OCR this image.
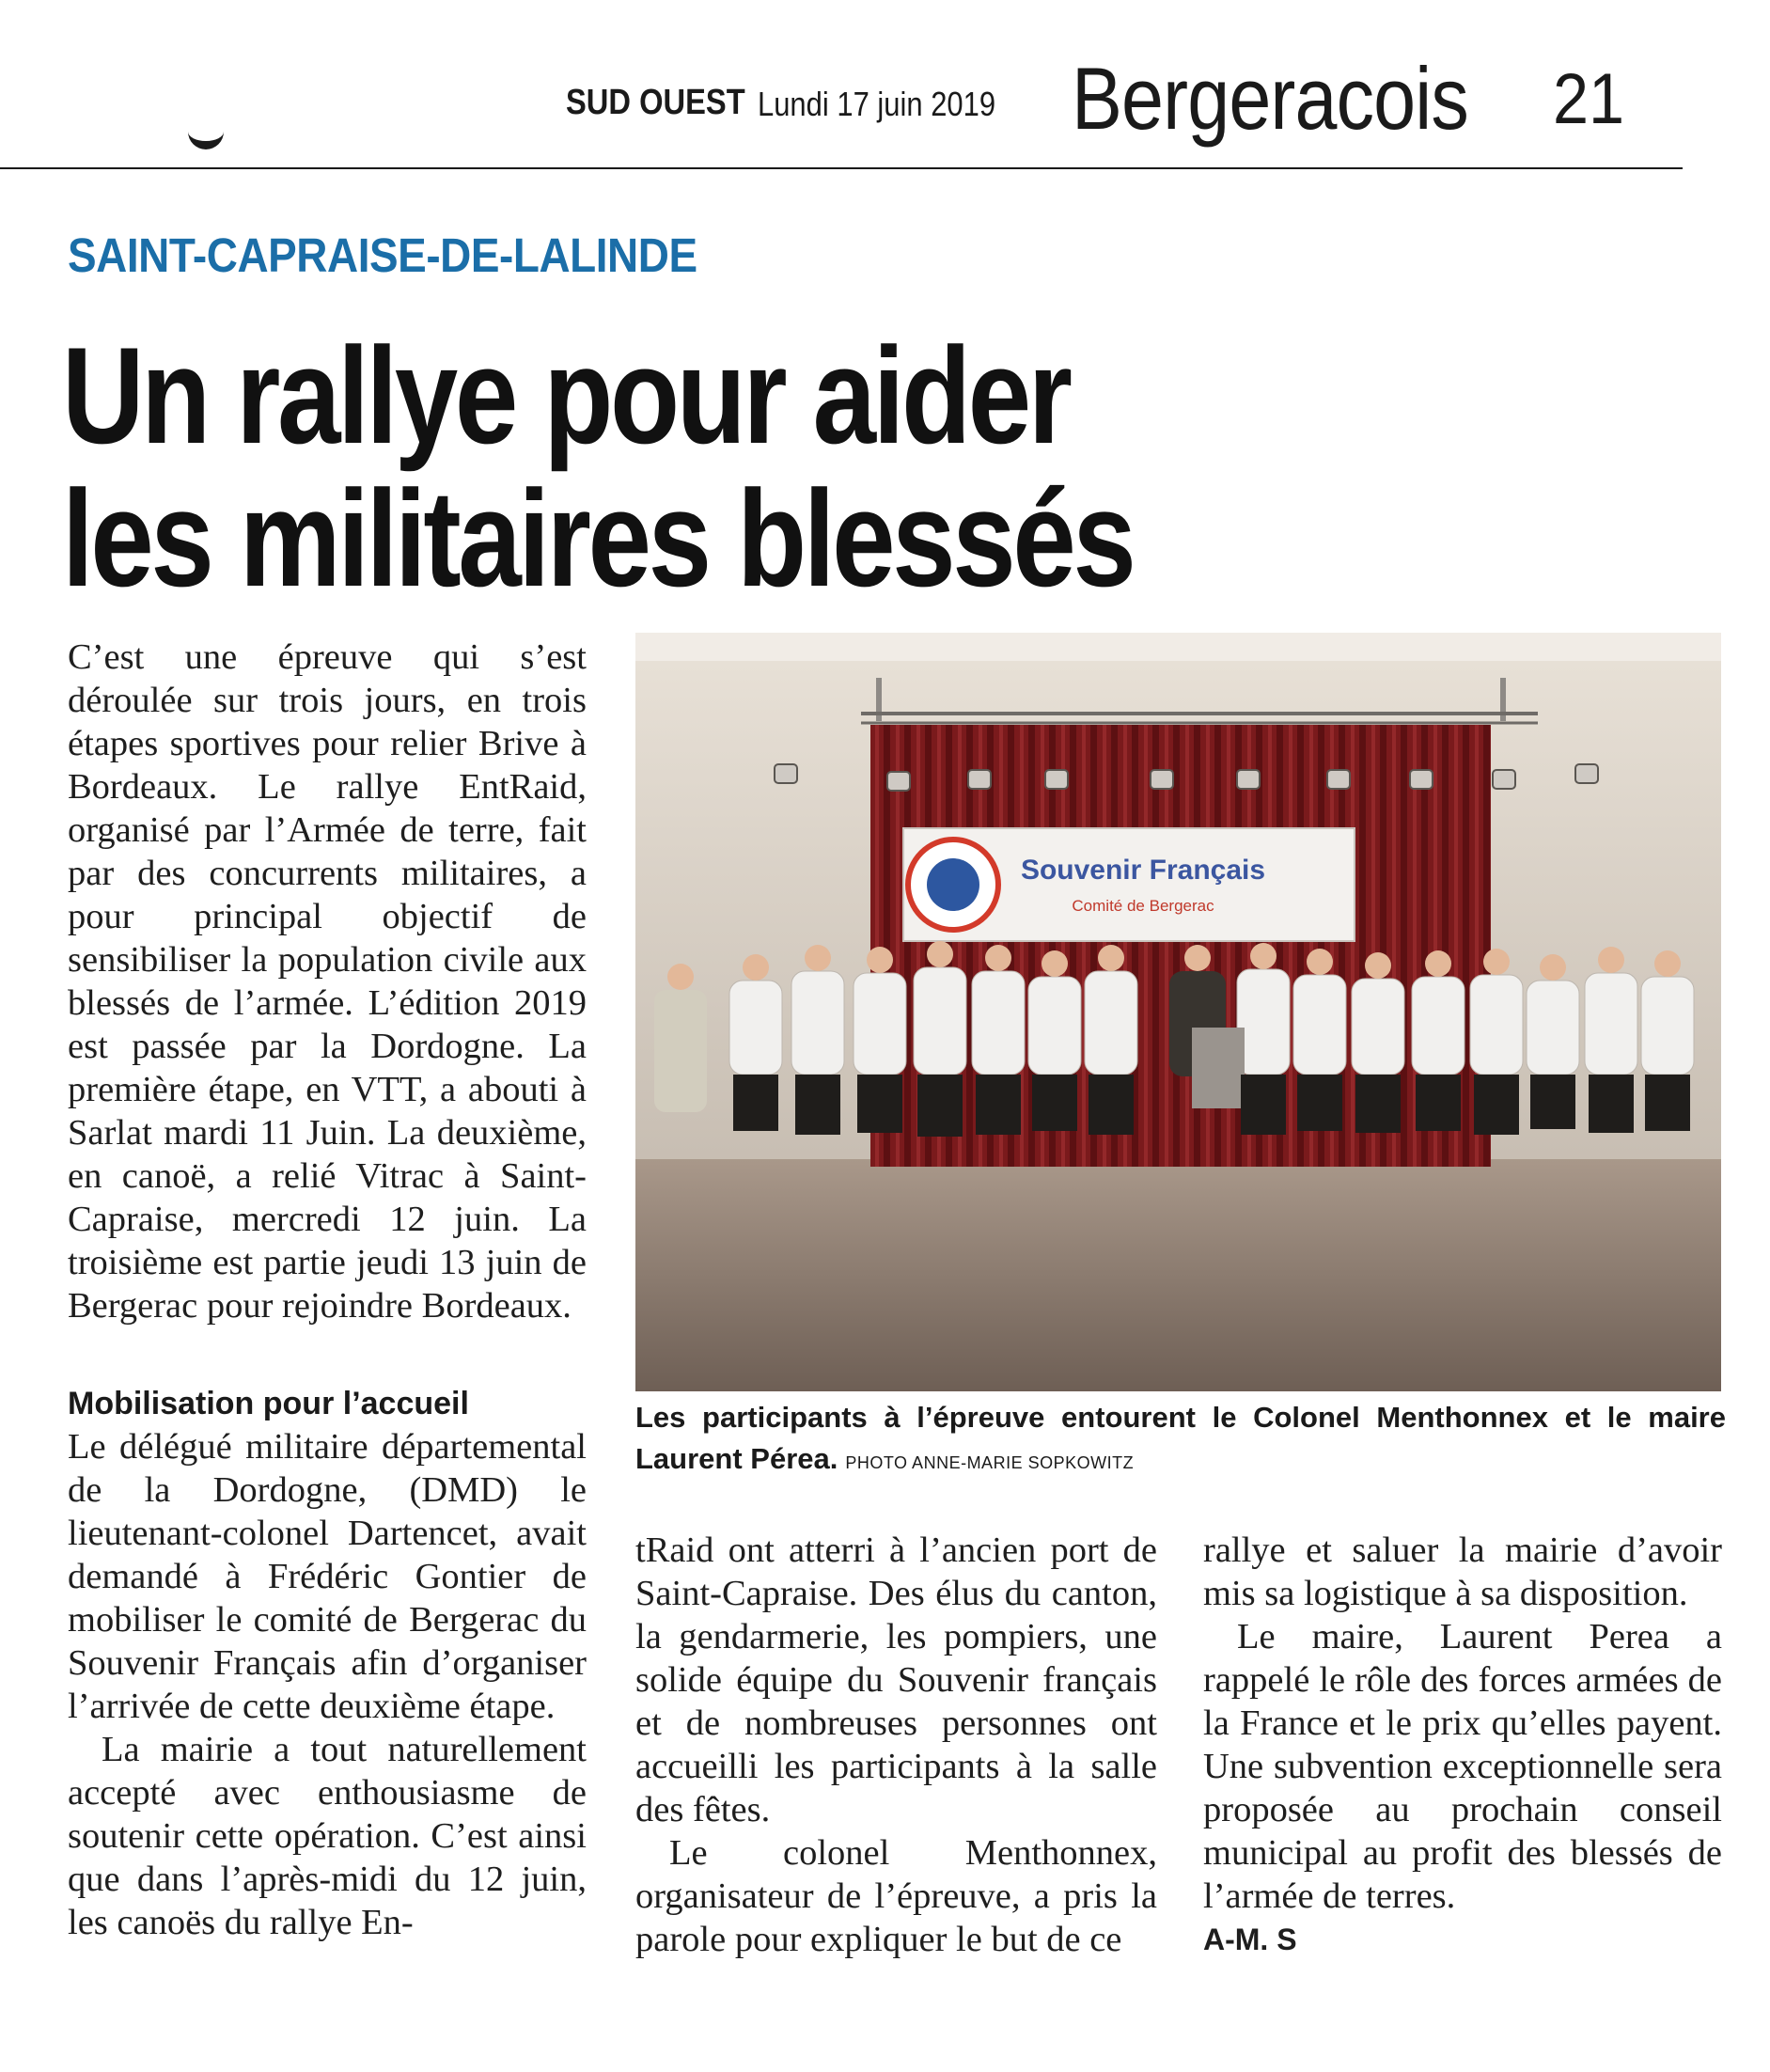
SUD OUEST Lundi 17 juin 2019 Bergeracois 21
SAINT-CAPRAISE-DE-LALINDE
Un rallye pour aider
les militaires blessés

C’est une épreuve qui s’est déroulée sur trois jours, en trois étapes sportives pour relier Brive à Bordeaux. Le rallye EntRaid, organisé par l’Armée de terre, fait par des concurrents militaires, a pour principal objectif de sensibiliser la population civile aux blessés de l’armée. L’édition 2019 est passée par la Dordogne. La première étape, en VTT, a abouti à Sarlat mardi 11 Juin. La deuxième, en canoë, a relié Vitrac à Saint-Capraise, mercredi 12 juin. La troisième est partie jeudi 13 juin de Bergerac pour rejoindre Bordeaux.

Mobilisation pour l’accueil

Le délégué militaire départemental de la Dordogne, (DMD) le lieutenant-colonel Dartencet, avait demandé à Frédéric Gontier de mobiliser le comité de Bergerac du Souvenir Français afin d’organiser l’arrivée de cette deuxième étape.

La mairie a tout naturellement accepté avec enthousiasme de soutenir cette opération. C’est ainsi que dans l’après-midi du 12 juin, les canoës du rallye En-

Souvenir Français
Comité de Bergerac
Les participants à l’épreuve entourent le Colonel Menthonnex et le maire Laurent Pérea. PHOTO ANNE-MARIE SOPKOWITZ

tRaid ont atterri à l’ancien port de Saint-Capraise. Des élus du canton, la gendarmerie, les pompiers, une solide équipe du Souvenir français et de nombreuses personnes ont accueilli les participants à la salle des fêtes.

Le colonel Menthonnex, organisateur de l’épreuve, a pris la parole pour expliquer le but de ce

rallye et saluer la mairie d’avoir mis sa logistique à sa disposition.

Le maire, Laurent Perea a rappelé le rôle des forces armées de la France et le prix qu’elles payent. Une subvention exceptionnelle sera proposée au prochain conseil municipal au profit des blessés de l’armée de terres.

A-M. S
